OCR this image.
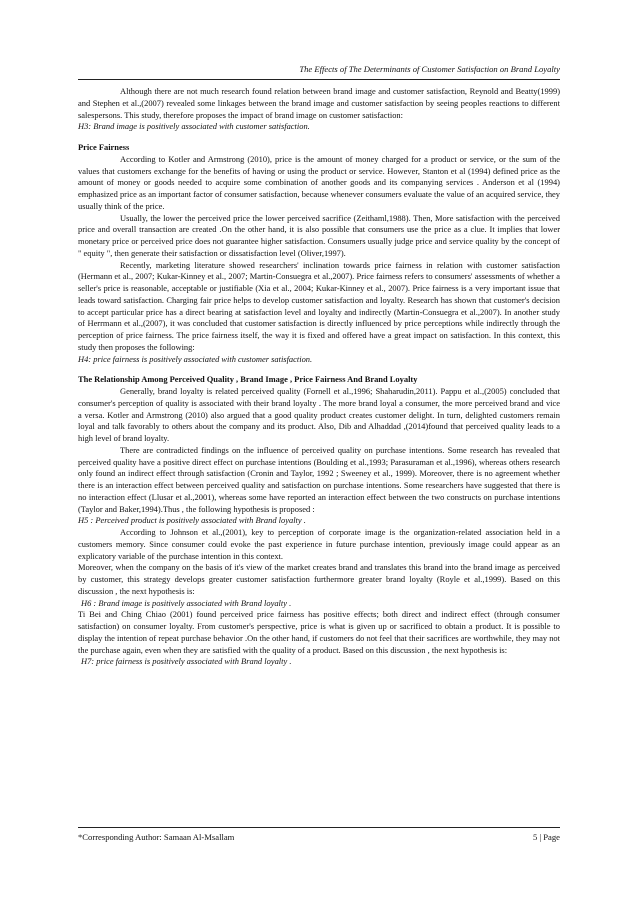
The Effects of The Determinants of Customer Satisfaction on Brand Loyalty

Although there are not much research found relation between brand image and customer satisfaction, Reynold and Beatty(1999) and Stephen et al.,(2007) revealed some linkages between the brand image and customer satisfaction by seeing peoples reactions to different salespersons. This study, therefore proposes the impact of brand image on customer satisfaction:

H3: Brand image is positively associated with customer satisfaction.

Price Fairness

According to Kotler and Armstrong (2010), price is the amount of money charged for a product or service, or the sum of the values that customers exchange for the benefits of having or using the product or service. However, Stanton et al (1994) defined price as the amount of money or goods needed to acquire some combination of another goods and its companying services . Anderson et al (1994) emphasized price as an important factor of consumer satisfaction, because whenever consumers evaluate the value of an acquired service, they usually think of the price.

Usually, the lower the perceived price the lower perceived sacrifice (Zeithaml,1988). Then, More satisfaction with the perceived price and overall transaction are created .On the other hand, it is also possible that consumers use the price as a clue. It implies that lower monetary price or perceived price does not guarantee higher satisfaction. Consumers usually judge price and service quality by the concept of " equity ", then generate their satisfaction or dissatisfaction level (Oliver,1997).

Recently, marketing literature showed researchers' inclination towards price fairness in relation with customer satisfaction (Hermann et al., 2007; Kukar-Kinney et al., 2007; Martin-Consuegra et al.,2007). Price fairness refers to consumers' assessments of whether a seller's price is reasonable, acceptable or justifiable (Xia et al., 2004; Kukar-Kinney et al., 2007). Price fairness is a very important issue that leads toward satisfaction. Charging fair price helps to develop customer satisfaction and loyalty. Research has shown that customer's decision to accept particular price has a direct bearing at satisfaction level and loyalty and indirectly (Martin-Consuegra et al.,2007). In another study of Herrmann et al.,(2007), it was concluded that customer satisfaction is directly influenced by price perceptions while indirectly through the perception of price fairness. The price fairness itself, the way it is fixed and offered have a great impact on satisfaction. In this context, this study then proposes the following:

H4: price fairness is positively associated with customer satisfaction.

The Relationship Among Perceived Quality , Brand Image , Price Fairness And Brand Loyalty

Generally, brand loyalty is related perceived quality (Fornell et al.,1996; Shaharudin,2011). Pappu et al.,(2005) concluded that consumer's perception of quality is associated with their brand loyalty . The more brand loyal a consumer, the more perceived brand and vice a versa. Kotler and Armstrong (2010) also argued that a good quality product creates customer delight. In turn, delighted customers remain loyal and talk favorably to others about the company and its product. Also, Dib and Alhaddad ,(2014)found that perceived quality leads to a high level of brand loyalty.

There are contradicted findings on the influence of perceived quality on purchase intentions. Some research has revealed that perceived quality have a positive direct effect on purchase intentions (Boulding et al.,1993; Parasuraman et al.,1996), whereas others research only found an indirect effect through satisfaction (Cronin and Taylor, 1992 ; Sweeney et al., 1999). Moreover, there is no agreement whether there is an interaction effect between perceived quality and satisfaction on purchase intentions. Some researchers have suggested that there is no interaction effect (Llusar et al.,2001), whereas some have reported an interaction effect between the two constructs on purchase intentions (Taylor and Baker,1994).Thus , the following hypothesis is proposed :

H5 : Perceived product is positively associated with Brand loyalty .

According to Johnson et al.,(2001), key to perception of corporate image is the organization-related association held in a customers memory. Since consumer could evoke the past experience in future purchase intention, previously image could appear as an explicatory variable of the purchase intention in this context.

Moreover, when the company on the basis of it's view of the market creates brand and translates this brand into the brand image as perceived by customer, this strategy develops greater customer satisfaction furthermore greater brand loyalty (Royle et al.,1999). Based on this discussion , the next hypothesis is:

H6 : Brand image is positively associated with Brand loyalty .

Ti Bei and Ching Chiao (2001) found perceived price fairness has positive effects; both direct and indirect effect (through consumer satisfaction) on consumer loyalty. From customer's perspective, price is what is given up or sacrificed to obtain a product. It is possible to display the intention of repeat purchase behavior .On the other hand, if customers do not feel that their sacrifices are worthwhile, they may not the purchase again, even when they are satisfied with the quality of a product. Based on this discussion , the next hypothesis is:

H7: price fairness is positively associated with Brand loyalty .

*Corresponding Author: Samaan Al-Msallam	5 | Page
